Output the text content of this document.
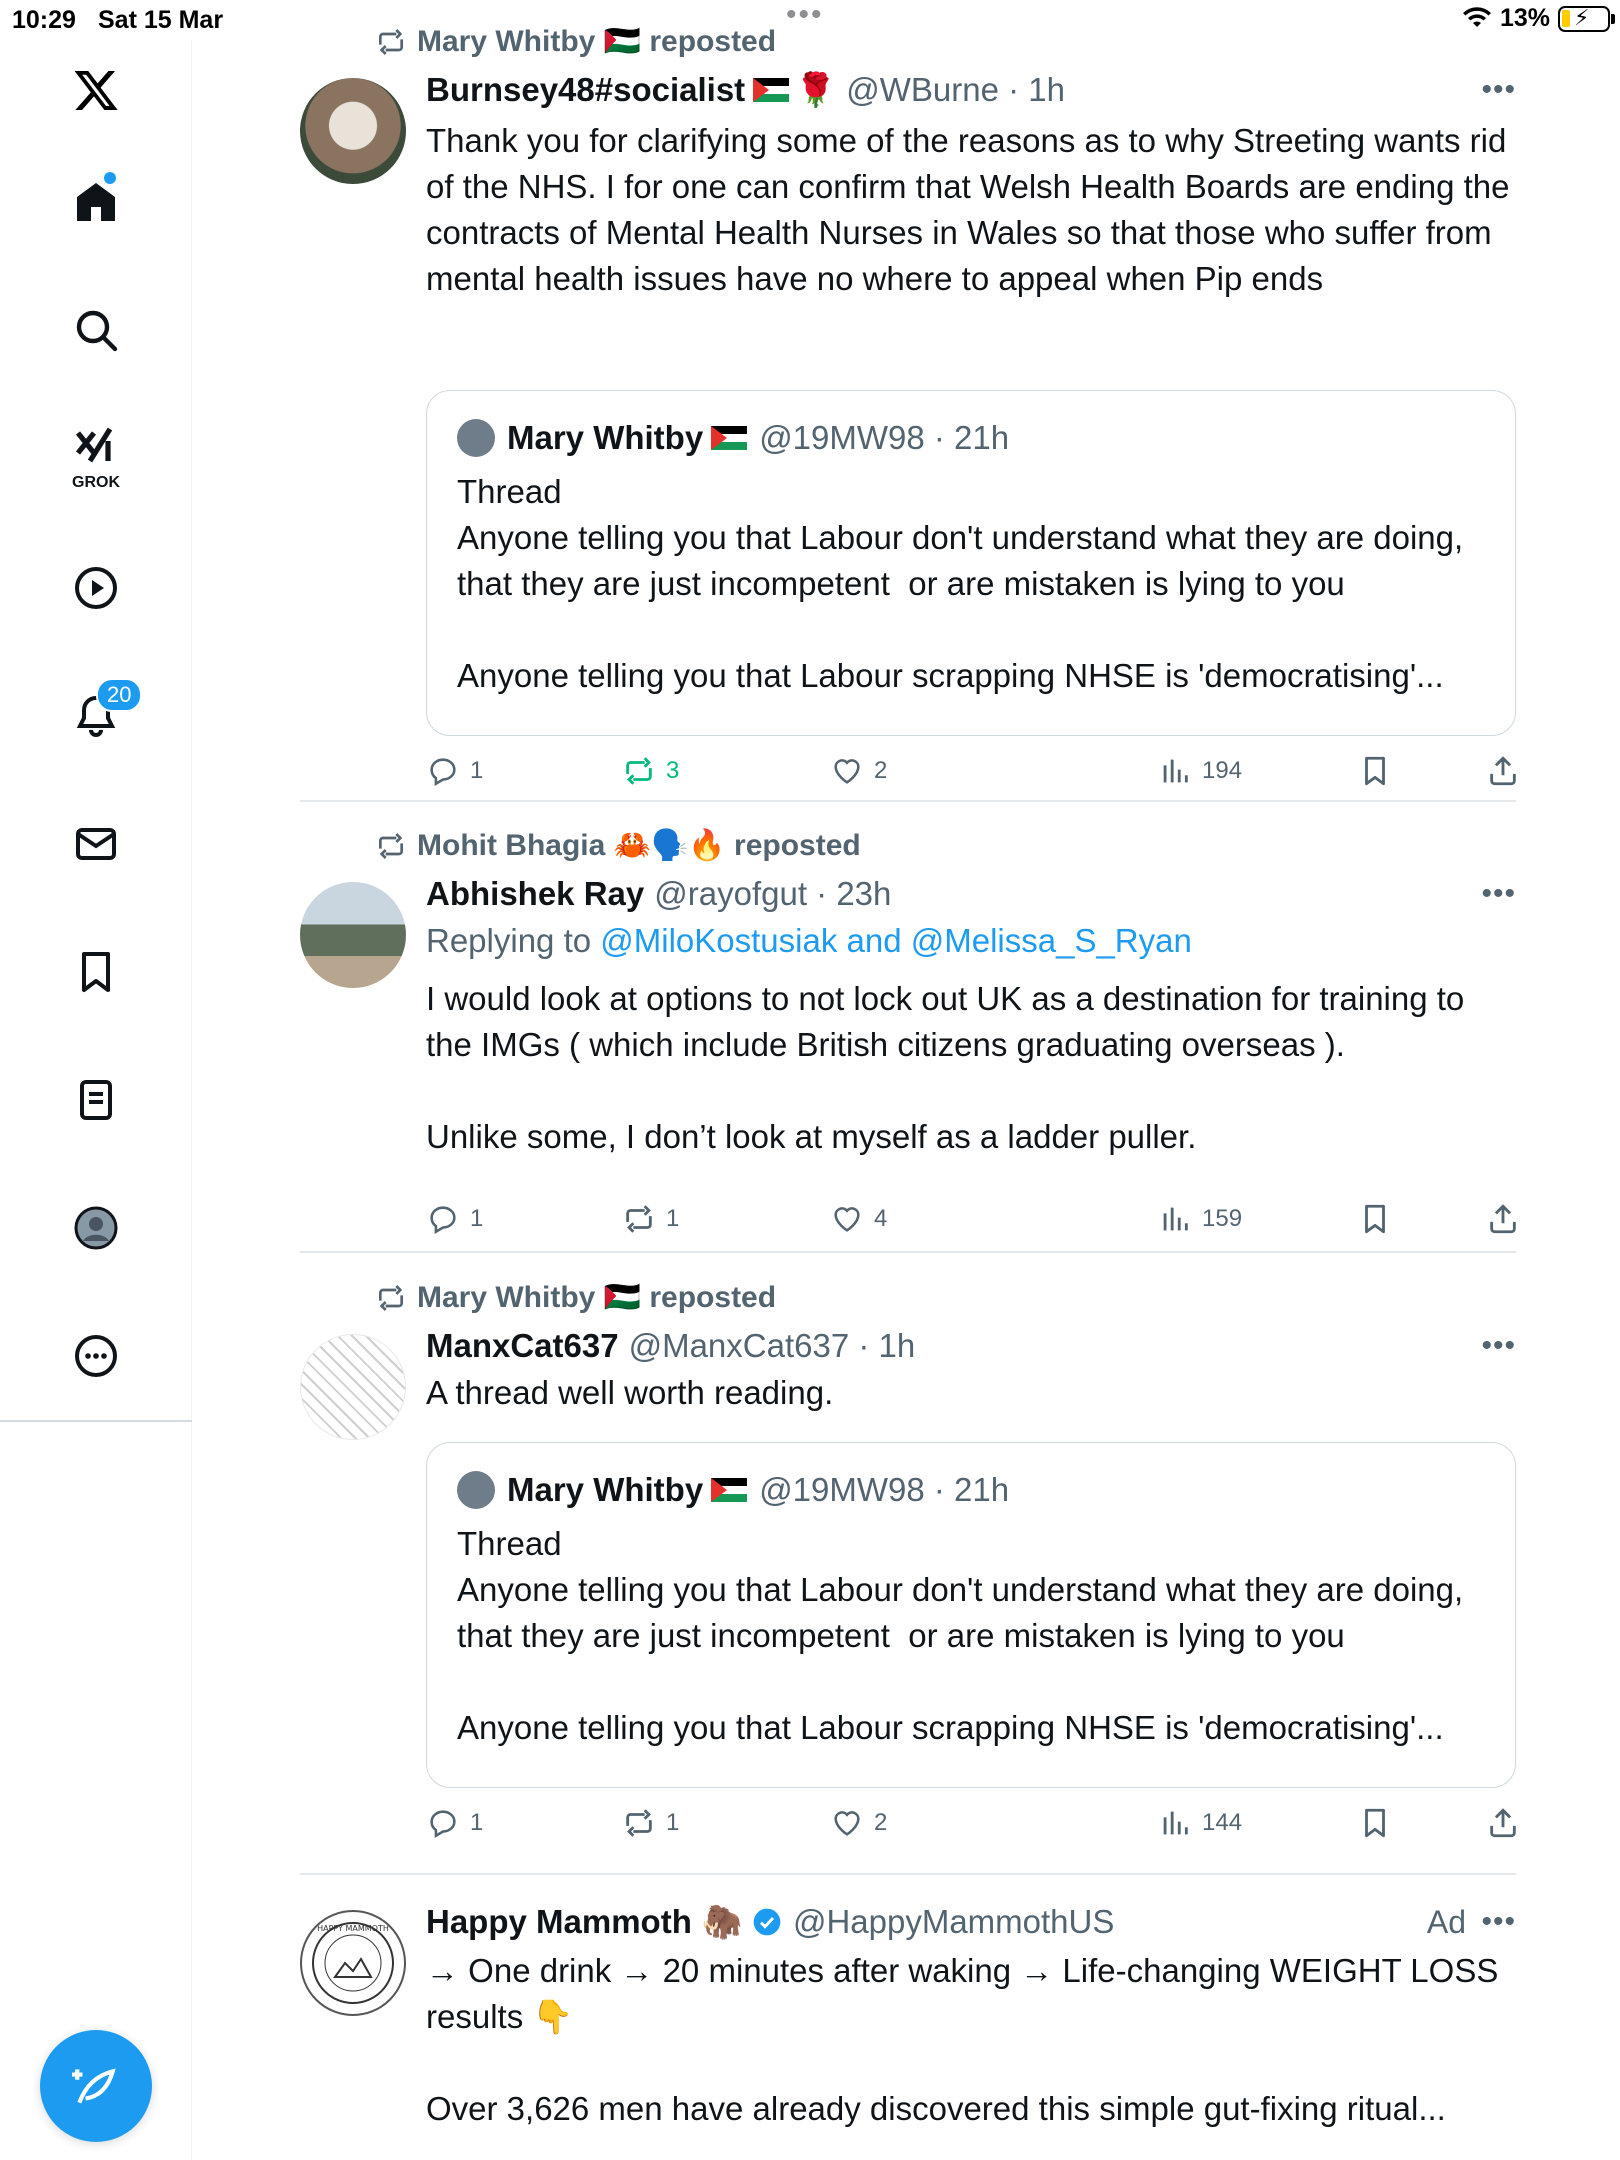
10:29 Sat 15 Mar	•••	13% ⚡
GROK
20
Mary Whitby 🇵🇸 reposted
Burnsey48#socialist 🌹 @WBurne · 1h	•••
Thank you for clarifying some of the reasons as to why Streeting wants rid of the NHS. I for one can confirm that Welsh Health Boards are ending the contracts of Mental Health Nurses in Wales so that those who suffer from mental health issues have no where to appeal when Pip ends
Mary Whitby @19MW98 · 21h
Thread
Anyone telling you that Labour don't understand what they are doing, that they are just incompetent  or are mistaken is lying to you

Anyone telling you that Labour scrapping NHSE is 'democratising'...
1	3	2	194
Mohit Bhagia 🦀🗣️🔥 reposted
Abhishek Ray @rayofgut · 23h	•••
Replying to @MiloKostusiak and @Melissa_S_Ryan
I would look at options to not lock out UK as a destination for training to the IMGs ( which include British citizens graduating overseas ).

Unlike some, I don’t look at myself as a ladder puller.
1	1	4	159
Mary Whitby 🇵🇸 reposted
ManxCat637 @ManxCat637 · 1h	•••
A thread well worth reading.
Mary Whitby @19MW98 · 21h
Thread
Anyone telling you that Labour don't understand what they are doing, that they are just incompetent  or are mistaken is lying to you

Anyone telling you that Labour scrapping NHSE is 'democratising'...
1	1	2	144
HAPPY MAMMOTH Happy Mammoth 🦣 @HappyMammothUS	Ad •••
→ One drink → 20 minutes after waking → Life-changing WEIGHT LOSS results 👇

Over 3,626 men have already discovered this simple gut-fixing ritual...
